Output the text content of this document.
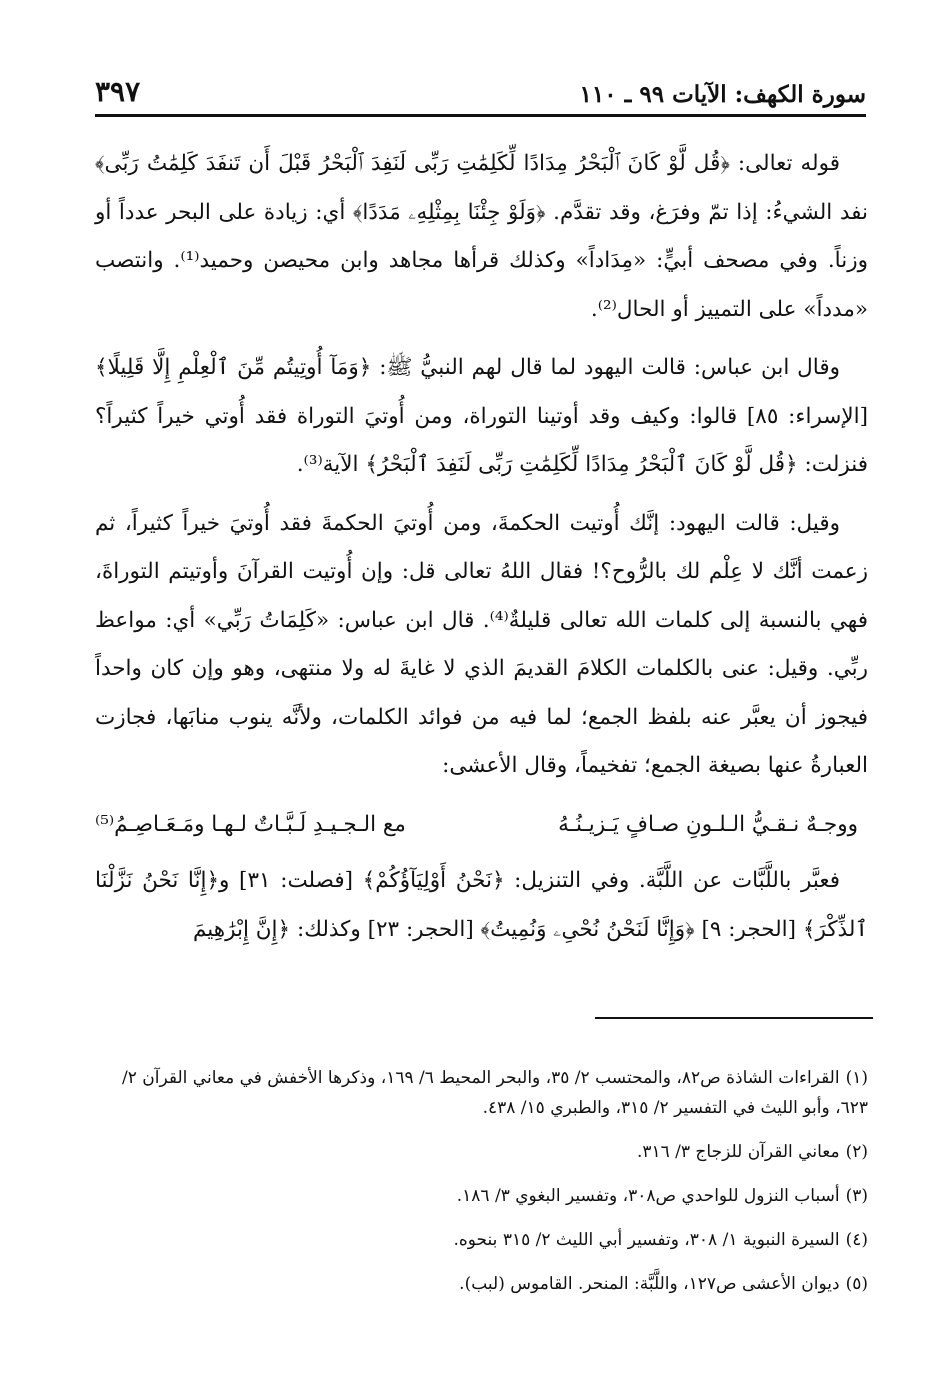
سورة الكهف: الآيات ٩٩ ـ ١١٠
٣٩٧

قوله تعالى: ﴿قُل لَّوْ كَانَ ٱلْبَحْرُ مِدَادًا لِّكَلِمَٰتِ رَبِّى لَنَفِدَ ٱلْبَحْرُ قَبْلَ أَن تَنفَدَ كَلِمَٰتُ رَبِّى﴾ نفد الشيءُ: إذا تمّ وفرَغ، وقد تقدَّم. ﴿وَلَوْ جِئْنَا بِمِثْلِهِۦ مَدَدًا﴾ أي: زيادة على البحر عدداً أو وزناً. وفي مصحف أبيٍّ: «مِدَاداً» وكذلك قرأها مجاهد وابن محيصن وحميد⁽¹⁾. وانتصب «مدداً» على التمييز أو الحال⁽²⁾.

وقال ابن عباس: قالت اليهود لما قال لهم النبيُّ ﷺ: ﴿وَمَآ أُوتِيتُم مِّنَ ٱلْعِلْمِ إِلَّا قَلِيلًا﴾ [الإسراء: ٨٥] قالوا: وكيف وقد أوتينا التوراة، ومن أُوتيَ التوراة فقد أُوتي خيراً كثيراً؟ فنزلت: ﴿قُل لَّوْ كَانَ ٱلْبَحْرُ مِدَادًا لِّكَلِمَٰتِ رَبِّى لَنَفِدَ ٱلْبَحْرُ﴾ الآية⁽³⁾.

وقيل: قالت اليهود: إنَّك أُوتيت الحكمةَ، ومن أُوتيَ الحكمةَ فقد أُوتيَ خيراً كثيراً، ثم زعمت أنَّك لا عِلْم لك بالرُّوح؟! فقال اللهُ تعالى قل: وإن أُوتيت القرآنَ وأوتيتم التوراةَ، فهي بالنسبة إلى كلمات الله تعالى قليلةٌ⁽⁴⁾. قال ابن عباس: «كَلِمَاتُ رَبِّي» أي: مواعظ ربِّي. وقيل: عنى بالكلمات الكلامَ القديمَ الذي لا غايةَ له ولا منتهى، وهو وإن كان واحداً فيجوز أن يعبَّر عنه بلفظ الجمع؛ لما فيه من فوائد الكلمات، ولأنَّه ينوب منابَها، فجازت العبارةُ عنها بصيغة الجمع؛ تفخيماً، وقال الأعشى:

ووجـهٌ نـقـيُّ الـلـونِ صـافٍ يَـزيـنُـهُ
مع الـجـيـدِ لَـبَّـاتٌ لـهـا ومَـعَـاصِـمُ⁽⁵⁾

فعبَّر باللَّبَّات عن اللَّبَّة. وفي التنزيل: ﴿نَحْنُ أَوْلِيَآؤُكُمْ﴾ [فصلت: ٣١] و﴿إِنَّا نَحْنُ نَزَّلْنَا ٱلذِّكْرَ﴾ [الحجر: ٩] ﴿وَإِنَّا لَنَحْنُ نُحْىِۦ وَنُمِيتُ﴾ [الحجر: ٢٣] وكذلك: ﴿إِنَّ إِبْرَٰهِيمَ

(١)القراءات الشاذة ص٨٢، والمحتسب ٢/ ٣٥، والبحر المحيط ٦/ ١٦٩، وذكرها الأخفش في معاني القرآن ٢/ ٦٢٣، وأبو الليث في التفسير ٢/ ٣١٥، والطبري ١٥/ ٤٣٨.
(٢)معاني القرآن للزجاج ٣/ ٣١٦.
(٣)أسباب النزول للواحدي ص٣٠٨، وتفسير البغوي ٣/ ١٨٦.
(٤)السيرة النبوية ١/ ٣٠٨، وتفسير أبي الليث ٢/ ٣١٥ بنحوه.
(٥)ديوان الأعشى ص١٢٧، واللَّبَّة: المنحر. القاموس (لبب).
